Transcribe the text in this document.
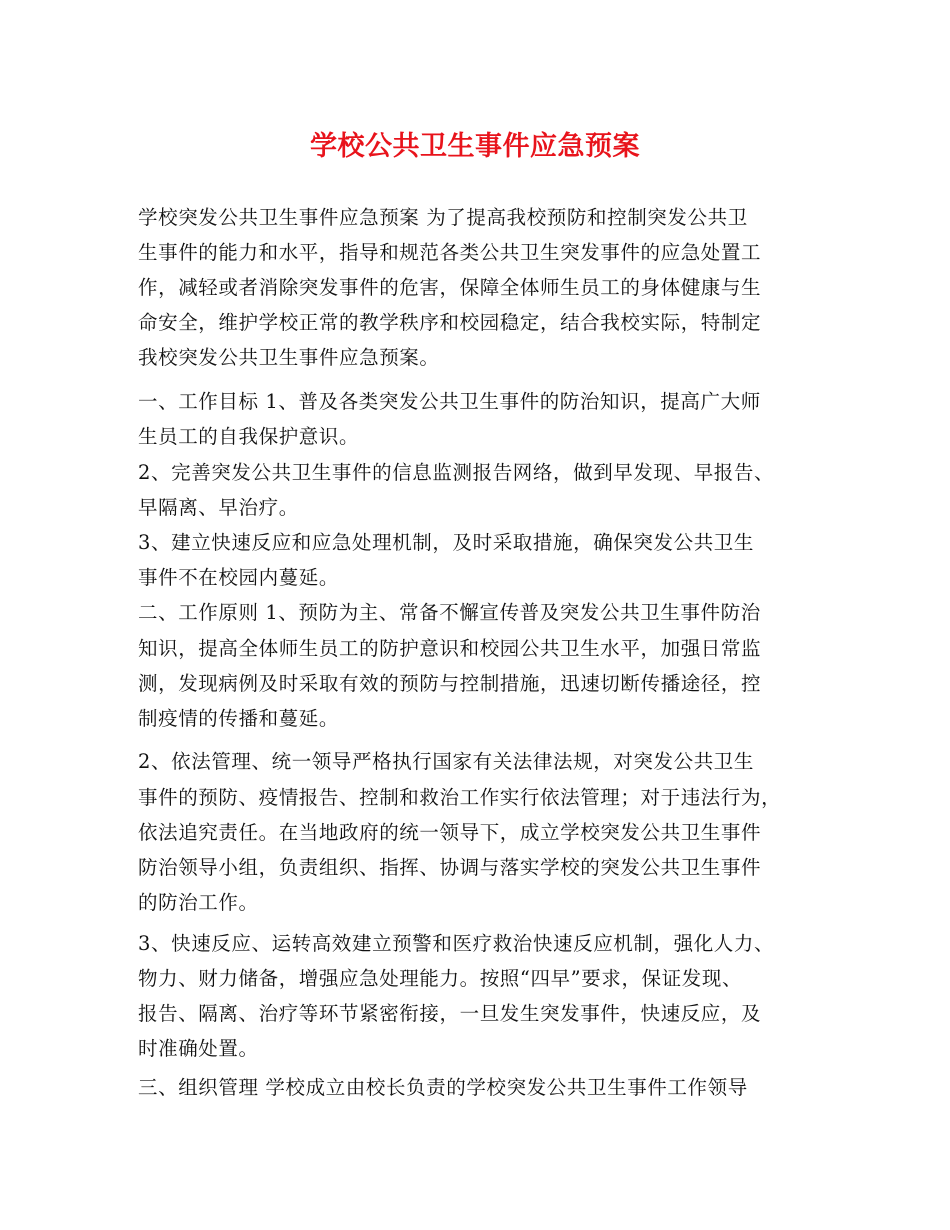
学校公共卫生事件应急预案
学校突发公共卫生事件应急预案 为了提高我校预防和控制突发公共卫
生事件的能力和水平，指导和规范各类公共卫生突发事件的应急处置工
作，减轻或者消除突发事件的危害，保障全体师生员工的身体健康与生
命安全，维护学校正常的教学秩序和校园稳定，结合我校实际，特制定
我校突发公共卫生事件应急预案。
一、工作目标 1、普及各类突发公共卫生事件的防治知识，提高广大师
生员工的自我保护意识。
2、完善突发公共卫生事件的信息监测报告网络，做到早发现、早报告、
早隔离、早治疗。
3、建立快速反应和应急处理机制，及时采取措施，确保突发公共卫生
事件不在校园内蔓延。
二、工作原则 1、预防为主、常备不懈宣传普及突发公共卫生事件防治
知识，提高全体师生员工的防护意识和校园公共卫生水平，加强日常监
测，发现病例及时采取有效的预防与控制措施，迅速切断传播途径，控
制疫情的传播和蔓延。
2、依法管理、统一领导严格执行国家有关法律法规，对突发公共卫生
事件的预防、疫情报告、控制和救治工作实行依法管理；对于违法行为，
依法追究责任。在当地政府的统一领导下，成立学校突发公共卫生事件
防治领导小组，负责组织、指挥、协调与落实学校的突发公共卫生事件
的防治工作。
3、快速反应、运转高效建立预警和医疗救治快速反应机制，强化人力、
物力、财力储备，增强应急处理能力。按照“四早”要求，保证发现、
报告、隔离、治疗等环节紧密衔接，一旦发生突发事件，快速反应，及
时准确处置。
三、组织管理 学校成立由校长负责的学校突发公共卫生事件工作领导
